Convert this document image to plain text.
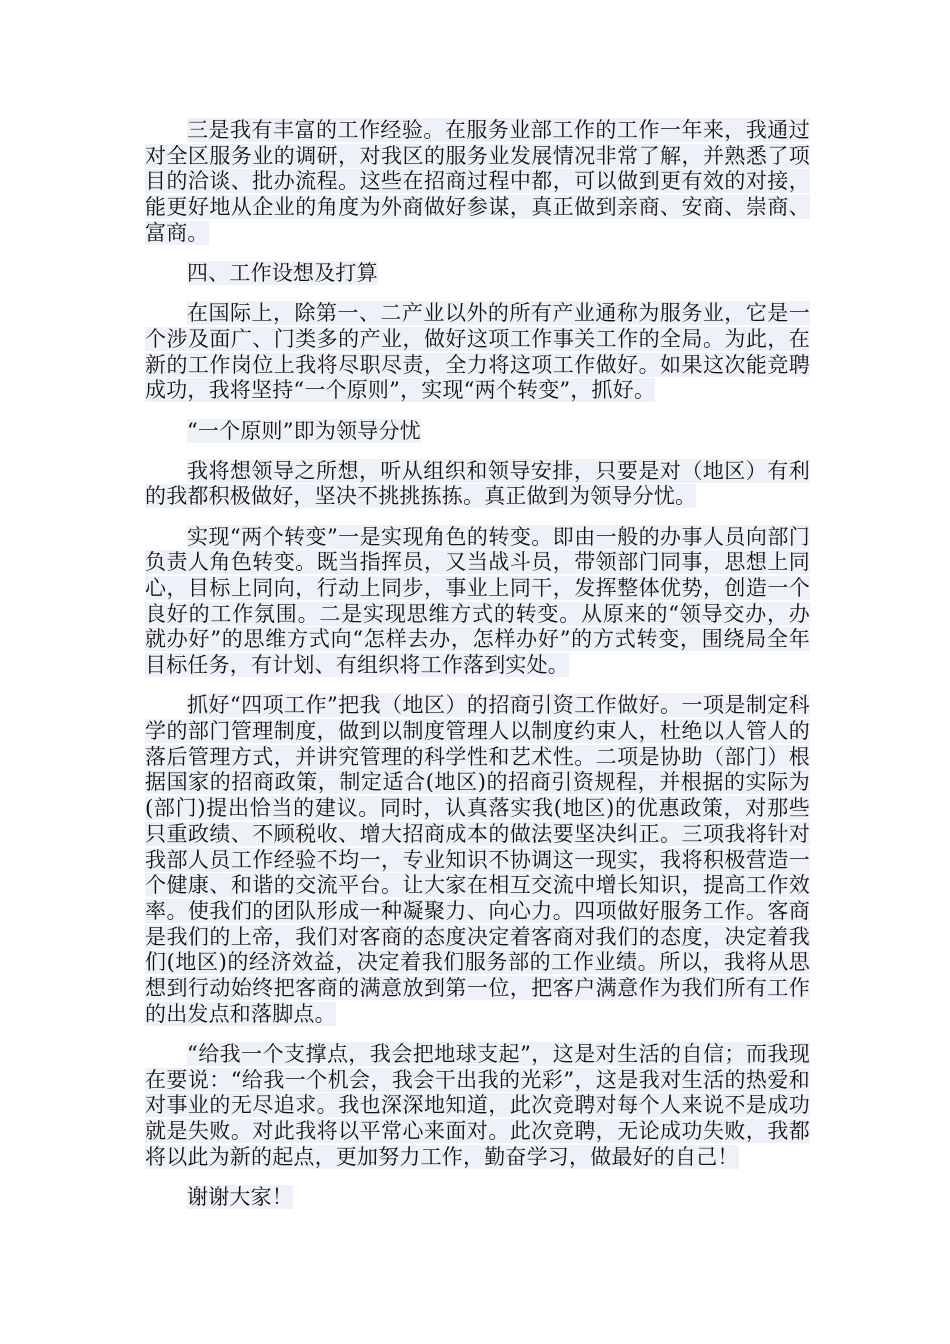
三是我有丰富的工作经验。在服务业部工作的工作一年来，我通过对全区服务业的调研，对我区的服务业发展情况非常了解，并熟悉了项目的洽谈、批办流程。这些在招商过程中都，可以做到更有效的对接，能更好地从企业的角度为外商做好参谋，真正做到亲商、安商、崇商、富商。

四、工作设想及打算

在国际上，除第一、二产业以外的所有产业通称为服务业，它是一个涉及面广、门类多的产业，做好这项工作事关工作的全局。为此，在新的工作岗位上我将尽职尽责，全力将这项工作做好。如果这次能竞聘成功，我将坚持“一个原则”，实现“两个转变”，抓好。

“一个原则”即为领导分忧

我将想领导之所想，听从组织和领导安排，只要是对（地区）有利的我都积极做好，坚决不挑挑拣拣。真正做到为领导分忧。

实现“两个转变”一是实现角色的转变。即由一般的办事人员向部门负责人角色转变。既当指挥员，又当战斗员，带领部门同事，思想上同心，目标上同向，行动上同步，事业上同干，发挥整体优势，创造一个良好的工作氛围。二是实现思维方式的转变。从原来的“领导交办，办就办好”的思维方式向“怎样去办，怎样办好”的方式转变，围绕局全年目标任务，有计划、有组织将工作落到实处。

抓好“四项工作”把我（地区）的招商引资工作做好。一项是制定科学的部门管理制度，做到以制度管理人以制度约束人，杜绝以人管人的落后管理方式，并讲究管理的科学性和艺术性。二项是协助（部门）根据国家的招商政策，制定适合(地区)的招商引资规程，并根据的实际为(部门)提出恰当的建议。同时，认真落实我(地区)的优惠政策，对那些只重政绩、不顾税收、增大招商成本的做法要坚决纠正。三项我将针对我部人员工作经验不均一，专业知识不协调这一现实，我将积极营造一个健康、和谐的交流平台。让大家在相互交流中增长知识，提高工作效率。使我们的团队形成一种凝聚力、向心力。四项做好服务工作。客商是我们的上帝，我们对客商的态度决定着客商对我们的态度，决定着我们(地区)的经济效益，决定着我们服务部的工作业绩。所以，我将从思想到行动始终把客商的满意放到第一位，把客户满意作为我们所有工作的出发点和落脚点。

“给我一个支撑点，我会把地球支起”，这是对生活的自信；而我现在要说：“给我一个机会，我会干出我的光彩”，这是我对生活的热爱和对事业的无尽追求。我也深深地知道，此次竞聘对每个人来说不是成功就是失败。对此我将以平常心来面对。此次竞聘，无论成功失败，我都将以此为新的起点，更加努力工作，勤奋学习，做最好的自己！

谢谢大家！
